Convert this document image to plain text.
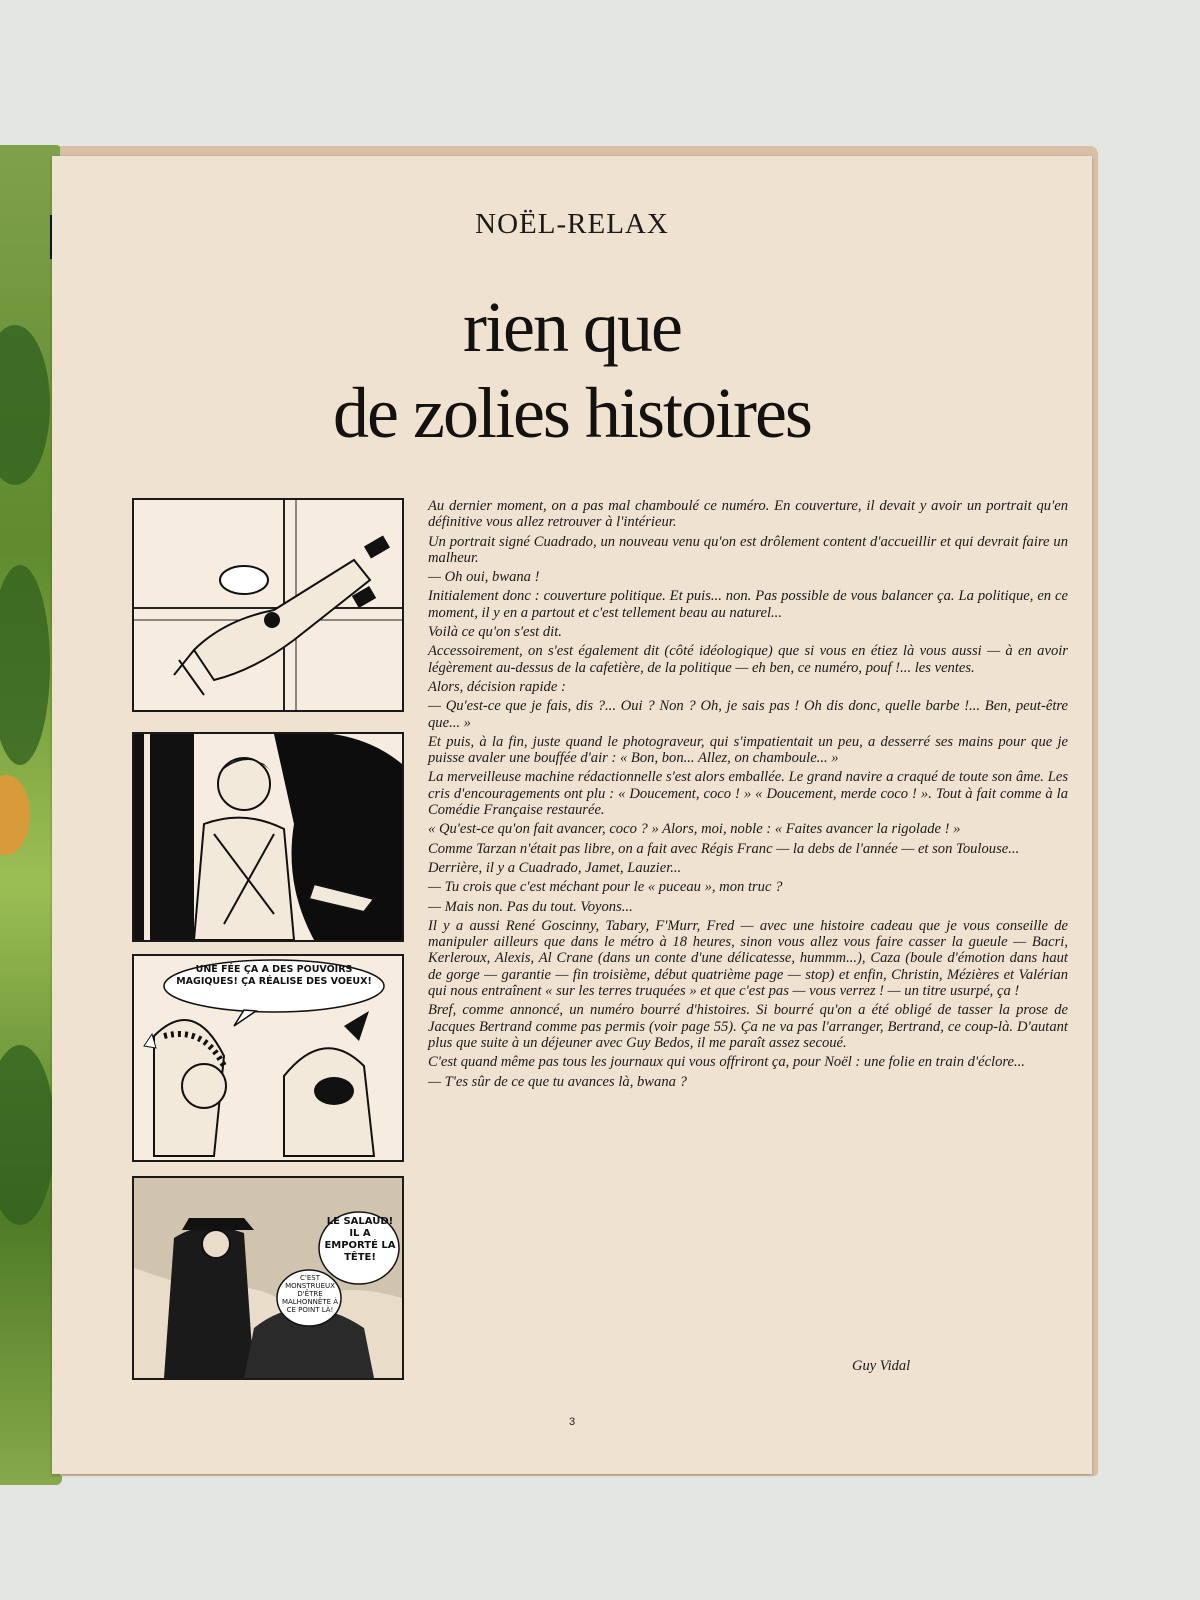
NOËL-RELAX
rien que
de zolies histoires
UNE FÉE ÇA A DES POUVOIRS MAGIQUES! ÇA RÉALISE DES VOEUX!
LE SALAUD! IL A EMPORTÉ LA TÊTE!
C'EST MONSTRUEUX D'ÊTRE MALHONNÊTE À CE POINT LÀ!

Au dernier moment, on a pas mal chamboulé ce numéro. En couverture, il devait y avoir un portrait qu'en définitive vous allez retrouver à l'intérieur.

Un portrait signé Cuadrado, un nouveau venu qu'on est drôlement content d'accueillir et qui devrait faire un malheur.

— Oh oui, bwana !

Initialement donc : couverture politique. Et puis... non. Pas possible de vous balancer ça. La politique, en ce moment, il y en a partout et c'est tellement beau au naturel...

Voilà ce qu'on s'est dit.

Accessoirement, on s'est également dit (côté idéologique) que si vous en étiez là vous aussi — à en avoir légèrement au-dessus de la cafetière, de la politique — eh ben, ce numéro, pouf !... les ventes.

Alors, décision rapide :

— Qu'est-ce que je fais, dis ?... Oui ? Non ? Oh, je sais pas ! Oh dis donc, quelle barbe !... Ben, peut-être que... »

Et puis, à la fin, juste quand le photograveur, qui s'impatientait un peu, a desserré ses mains pour que je puisse avaler une bouffée d'air : « Bon, bon... Allez, on chamboule... »

La merveilleuse machine rédactionnelle s'est alors emballée. Le grand navire a craqué de toute son âme. Les cris d'encouragements ont plu : « Doucement, coco ! » « Doucement, merde coco ! ». Tout à fait comme à la Comédie Française restaurée.

« Qu'est-ce qu'on fait avancer, coco ? » Alors, moi, noble : « Faites avancer la rigolade ! »

Comme Tarzan n'était pas libre, on a fait avec Régis Franc — la debs de l'année — et son Toulouse...

Derrière, il y a Cuadrado, Jamet, Lauzier...

— Tu crois que c'est méchant pour le « puceau », mon truc ?

— Mais non. Pas du tout. Voyons...

Il y a aussi René Goscinny, Tabary, F'Murr, Fred — avec une histoire cadeau que je vous conseille de manipuler ailleurs que dans le métro à 18 heures, sinon vous allez vous faire casser la gueule — Bacri, Kerleroux, Alexis, Al Crane (dans un conte d'une délicatesse, hummm...), Caza (boule d'émotion dans haut de gorge — garantie — fin troisième, début quatrième page — stop) et enfin, Christin, Mézières et Valérian qui nous entraînent « sur les terres truquées » et que c'est pas — vous verrez ! — un titre usurpé, ça !

Bref, comme annoncé, un numéro bourré d'histoires. Si bourré qu'on a été obligé de tasser la prose de Jacques Bertrand comme pas permis (voir page 55). Ça ne va pas l'arranger, Bertrand, ce coup-là. D'autant plus que suite à un déjeuner avec Guy Bedos, il me paraît assez secoué.

C'est quand même pas tous les journaux qui vous offriront ça, pour Noël : une folie en train d'éclore...

— T'es sûr de ce que tu avances là, bwana ?

Guy Vidal
3
